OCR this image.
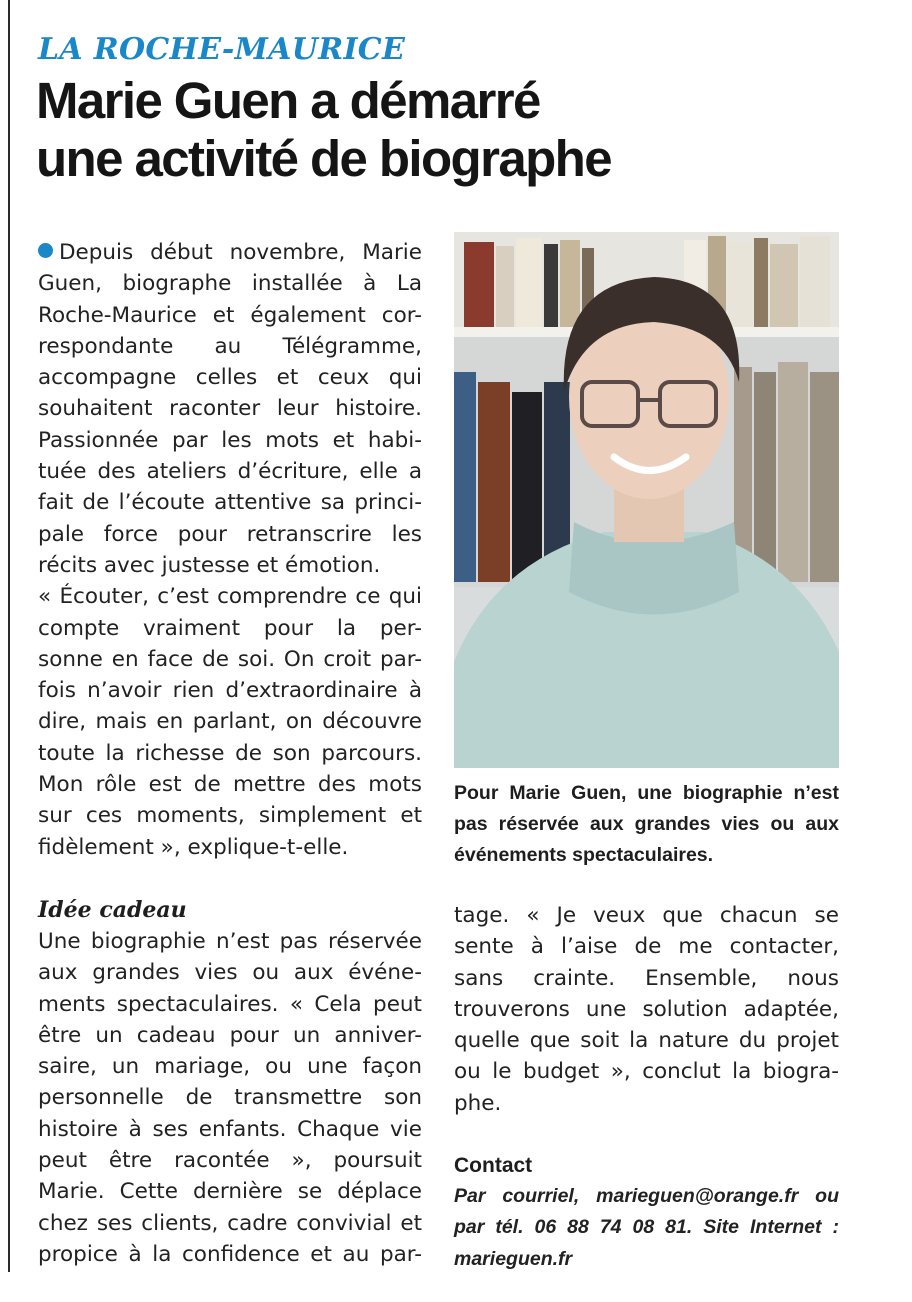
LA ROCHE-MAURICE
Marie Guen a démarré
une activité de biographe

Depuis début novembre, Marie
Guen, biographe installée à La
Roche-Maurice et également cor-
respondante au Télégramme,
accompagne celles et ceux qui
souhaitent raconter leur histoire.
Passionnée par les mots et habi-
tuée des ateliers d’écriture, elle a
fait de l’écoute attentive sa princi-
pale force pour retranscrire les
récits avec justesse et émotion.

« Écouter, c’est comprendre ce qui
compte vraiment pour la per-
sonne en face de soi. On croit par-
fois n’avoir rien d’extraordinaire à
dire, mais en parlant, on découvre
toute la richesse de son parcours.
Mon rôle est de mettre des mots
sur ces moments, simplement et
fidèlement », explique-t-elle.

Idée cadeau

Une biographie n’est pas réservée
aux grandes vies ou aux événe-
ments spectaculaires. « Cela peut
être un cadeau pour un anniver-
saire, un mariage, ou une façon
personnelle de transmettre son
histoire à ses enfants. Chaque vie
peut être racontée », poursuit
Marie. Cette dernière se déplace
chez ses clients, cadre convivial et
propice à la confidence et au par-

Pour Marie Guen, une biographie n’est
pas réservée aux grandes vies ou aux
événements spectaculaires.

tage. « Je veux que chacun se
sente à l’aise de me contacter,
sans crainte. Ensemble, nous
trouverons une solution adaptée,
quelle que soit la nature du projet
ou le budget », conclut la biogra-
phe.

Contact
Par courriel, marieguen@orange.fr ou
par tél. 06 88 74 08 81. Site Internet :
marieguen.fr
